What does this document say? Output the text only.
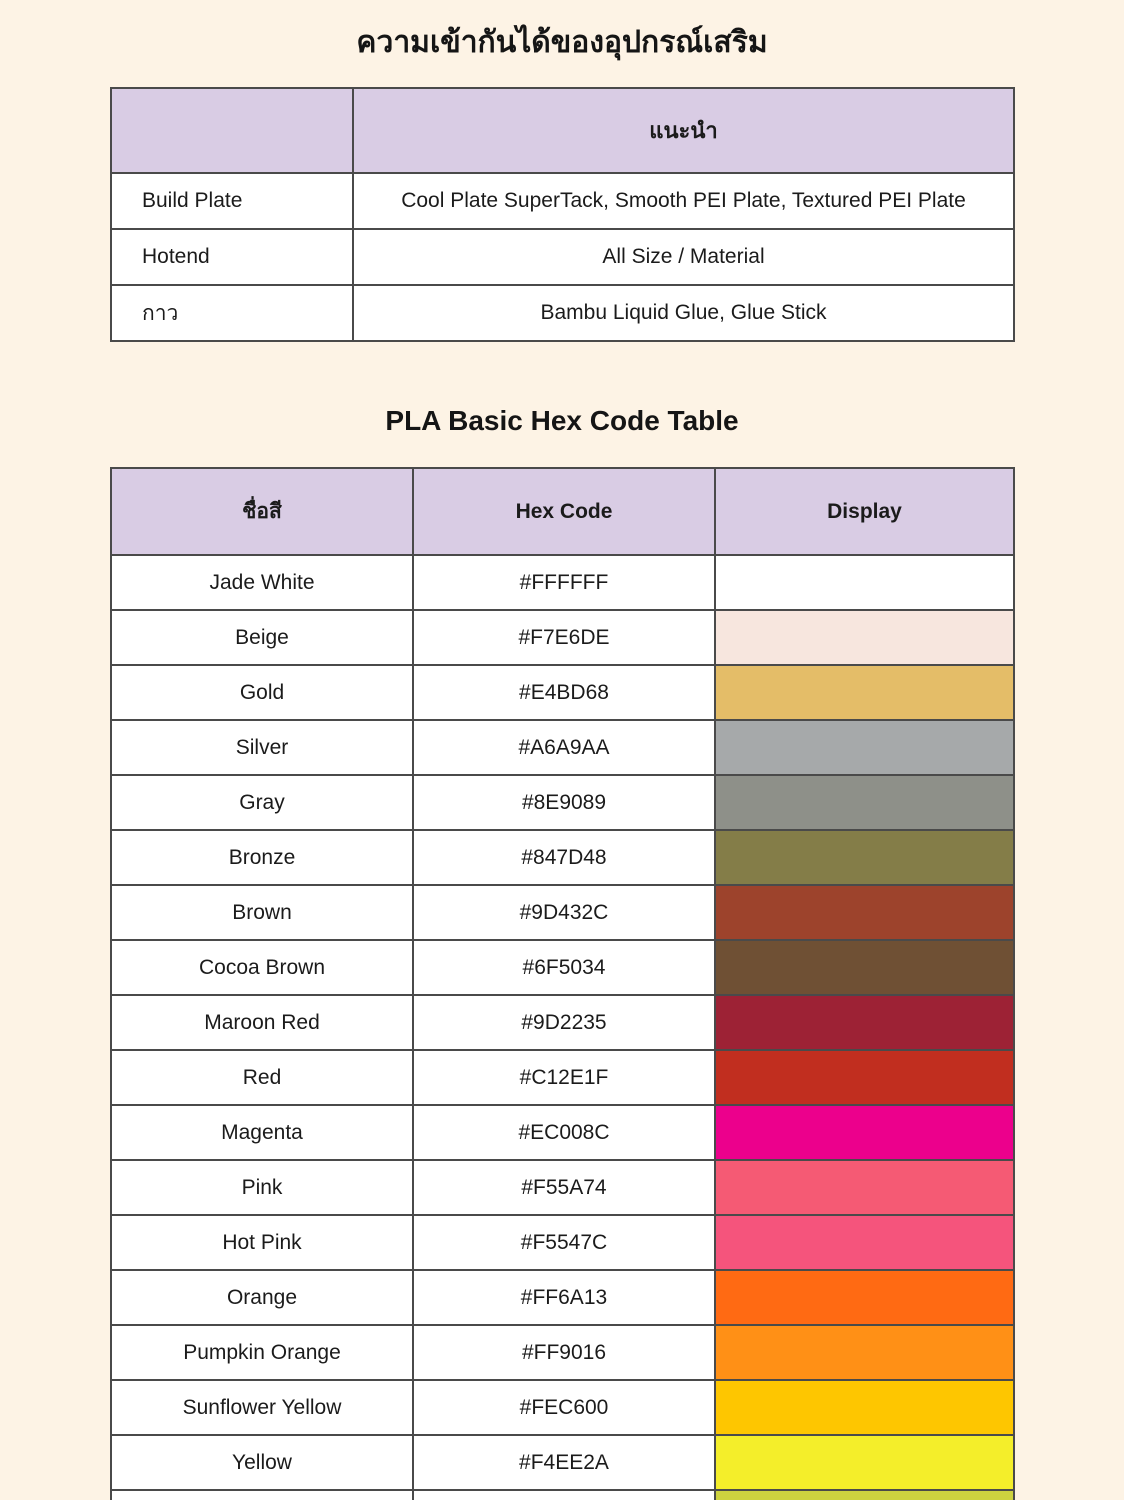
ความเข้ากันได้ของอุปกรณ์เสริม
	แนะนำ
Build Plate	Cool Plate SuperTack, Smooth PEI Plate, Textured PEI Plate
Hotend	All Size / Material
กาว	Bambu Liquid Glue, Glue Stick
PLA Basic Hex Code Table
ชื่อสี	Hex Code	Display
Jade White	#FFFFFF	
Beige	#F7E6DE	
Gold	#E4BD68	
Silver	#A6A9AA	
Gray	#8E9089	
Bronze	#847D48	
Brown	#9D432C	
Cocoa Brown	#6F5034	
Maroon Red	#9D2235	
Red	#C12E1F	
Magenta	#EC008C	
Pink	#F55A74	
Hot Pink	#F5547C	
Orange	#FF6A13	
Pumpkin Orange	#FF9016	
Sunflower Yellow	#FEC600	
Yellow	#F4EE2A	
